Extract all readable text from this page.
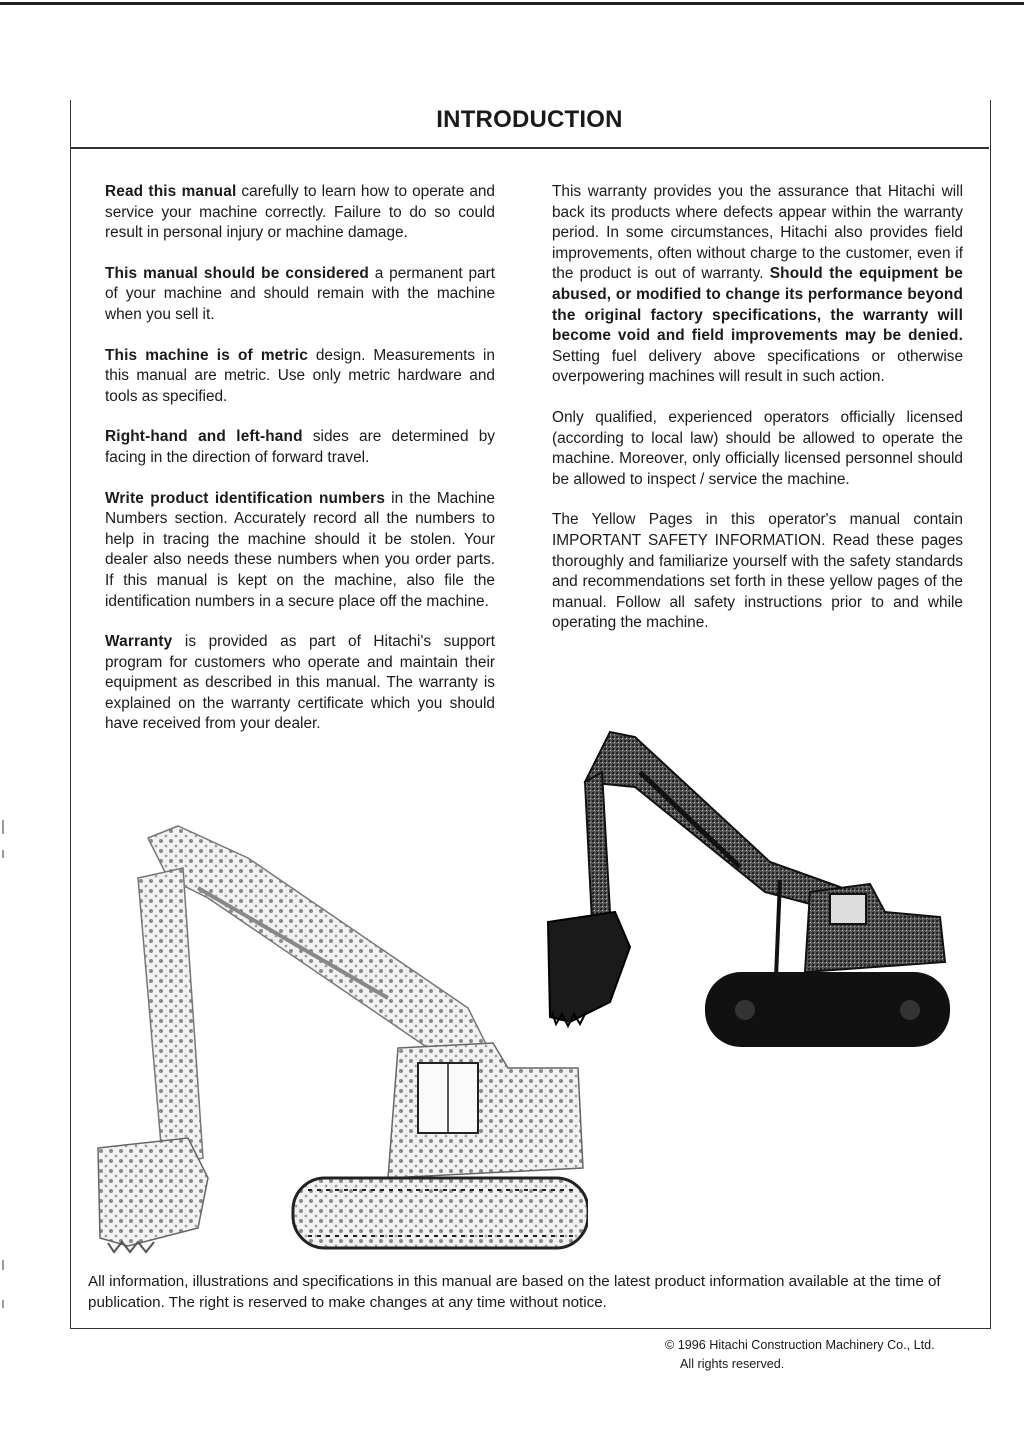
INTRODUCTION

Read this manual carefully to learn how to operate and service your machine correctly. Failure to do so could result in personal injury or machine damage.

This manual should be considered a permanent part of your machine and should remain with the machine when you sell it.

This machine is of metric design. Measurements in this manual are metric. Use only metric hardware and tools as specified.

Right-hand and left-hand sides are determined by facing in the direction of forward travel.

Write product identification numbers in the Machine Numbers section. Accurately record all the numbers to help in tracing the machine should it be stolen. Your dealer also needs these numbers when you order parts. If this manual is kept on the machine, also file the identification numbers in a secure place off the machine.

Warranty is provided as part of Hitachi's support program for customers who operate and maintain their equipment as described in this manual. The warranty is explained on the warranty certificate which you should have received from your dealer.

This warranty provides you the assurance that Hitachi will back its products where defects appear within the warranty period. In some circumstances, Hitachi also provides field improvements, often without charge to the customer, even if the product is out of warranty. Should the equipment be abused, or modified to change its performance beyond the original factory specifications, the warranty will become void and field improvements may be denied. Setting fuel delivery above specifications or otherwise overpowering machines will result in such action.

Only qualified, experienced operators officially licensed (according to local law) should be allowed to operate the machine. Moreover, only officially licensed personnel should be allowed to inspect / service the machine.

The Yellow Pages in this operator's manual contain IMPORTANT SAFETY INFORMATION. Read these pages thoroughly and familiarize yourself with the safety standards and recommendations set forth in these yellow pages of the manual. Follow all safety instructions prior to and while operating the machine.

All information, illustrations and specifications in this manual are based on the latest product information available at the time of publication. The right is reserved to make changes at any time without notice.
© 1996 Hitachi Construction Machinery Co., Ltd.
All rights reserved.
